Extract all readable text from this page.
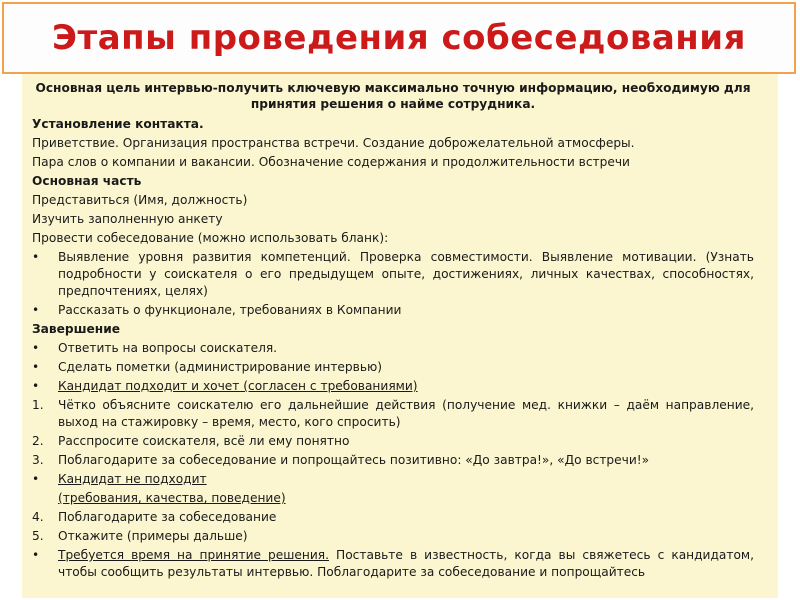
Этапы проведения собеседования

Основная цель интервью-получить ключевую максимально точную информацию, необходимую для принятия решения о найме сотрудника.

Установление контакта.

Приветствие. Организация пространства встречи. Создание доброжелательной атмосферы.

Пара слов о компании и вакансии. Обозначение содержания и продолжительности встречи

Основная часть

Представиться (Имя, должность)

Изучить заполненную анкету

Провести собеседование (можно использовать бланк):

•	Выявление уровня развития компетенций. Проверка совместимости. Выявление мотивации. (Узнать подробности у соискателя о его предыдущем опыте, достижениях, личных качествах, способностях, предпочтениях, целях)
•	Рассказать о функционале, требованиях в Компании

Завершение

•	Ответить на вопросы соискателя.
•	Сделать пометки (администрирование интервью)
•	Кандидат подходит и хочет (согласен с требованиями)
1.	Чётко объясните соискателю его дальнейшие действия (получение мед. книжки – даём направление, выход на стажировку – время, место, кого спросить)
2.	Расспросите соискателя, всё ли ему понятно
3.	Поблагодарите за собеседование и попрощайтесь позитивно: «До завтра!», «До встречи!»
•	Кандидат не подходит

(требования, качества, поведение)

4.	Поблагодарите за собеседование
5.	Откажите (примеры дальше)
•	Требуется время на принятие решения. Поставьте в известность, когда вы свяжетесь с кандидатом, чтобы сообщить результаты интервью. Поблагодарите за собеседование и попрощайтесь
